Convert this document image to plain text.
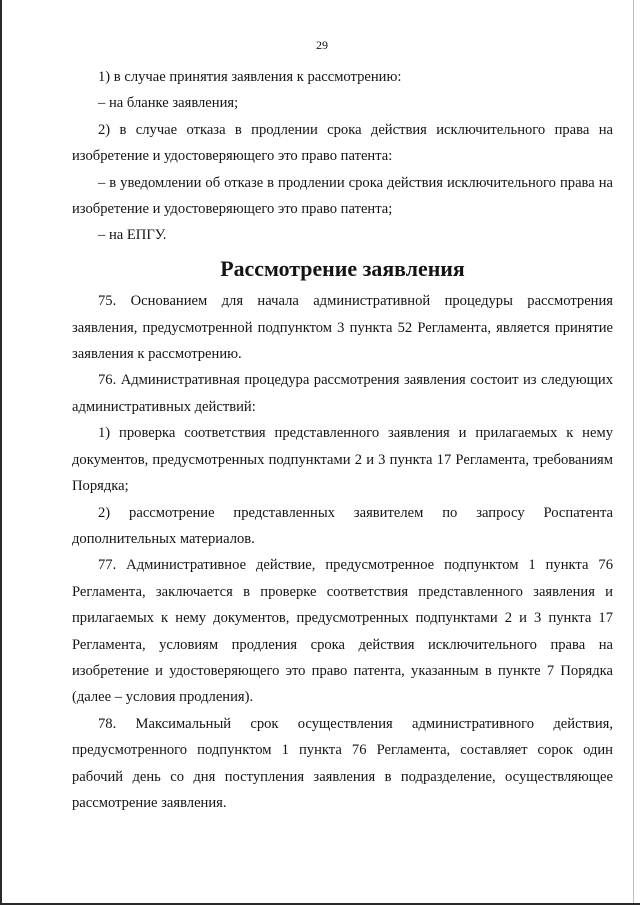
29

1) в случае принятия заявления к рассмотрению:

– на бланке заявления;

2) в случае отказа в продлении срока действия исключительного права на изобретение и удостоверяющего это право патента:

– в уведомлении об отказе в продлении срока действия исключительного права на изобретение и удостоверяющего это право патента;

– на ЕПГУ.

Рассмотрение заявления

75. Основанием для начала административной процедуры рассмотрения заявления, предусмотренной подпунктом 3 пункта 52 Регламента, является принятие заявления к рассмотрению.

76. Административная процедура рассмотрения заявления состоит из следующих административных действий:

1) проверка соответствия представленного заявления и прилагаемых к нему документов, предусмотренных подпунктами 2 и 3 пункта 17 Регламента, требованиям Порядка;

2) рассмотрение представленных заявителем по запросу Роспатента дополнительных материалов.

77. Административное действие, предусмотренное подпунктом 1 пункта 76 Регламента, заключается в проверке соответствия представленного заявления и прилагаемых к нему документов, предусмотренных подпунктами 2 и 3 пункта 17 Регламента, условиям продления срока действия исключительного права на изобретение и удостоверяющего это право патента, указанным в пункте 7 Порядка (далее – условия продления).

78. Максимальный срок осуществления административного действия, предусмотренного подпунктом 1 пункта 76 Регламента, составляет сорок один рабочий день со дня поступления заявления в подразделение, осуществляющее рассмотрение заявления.
